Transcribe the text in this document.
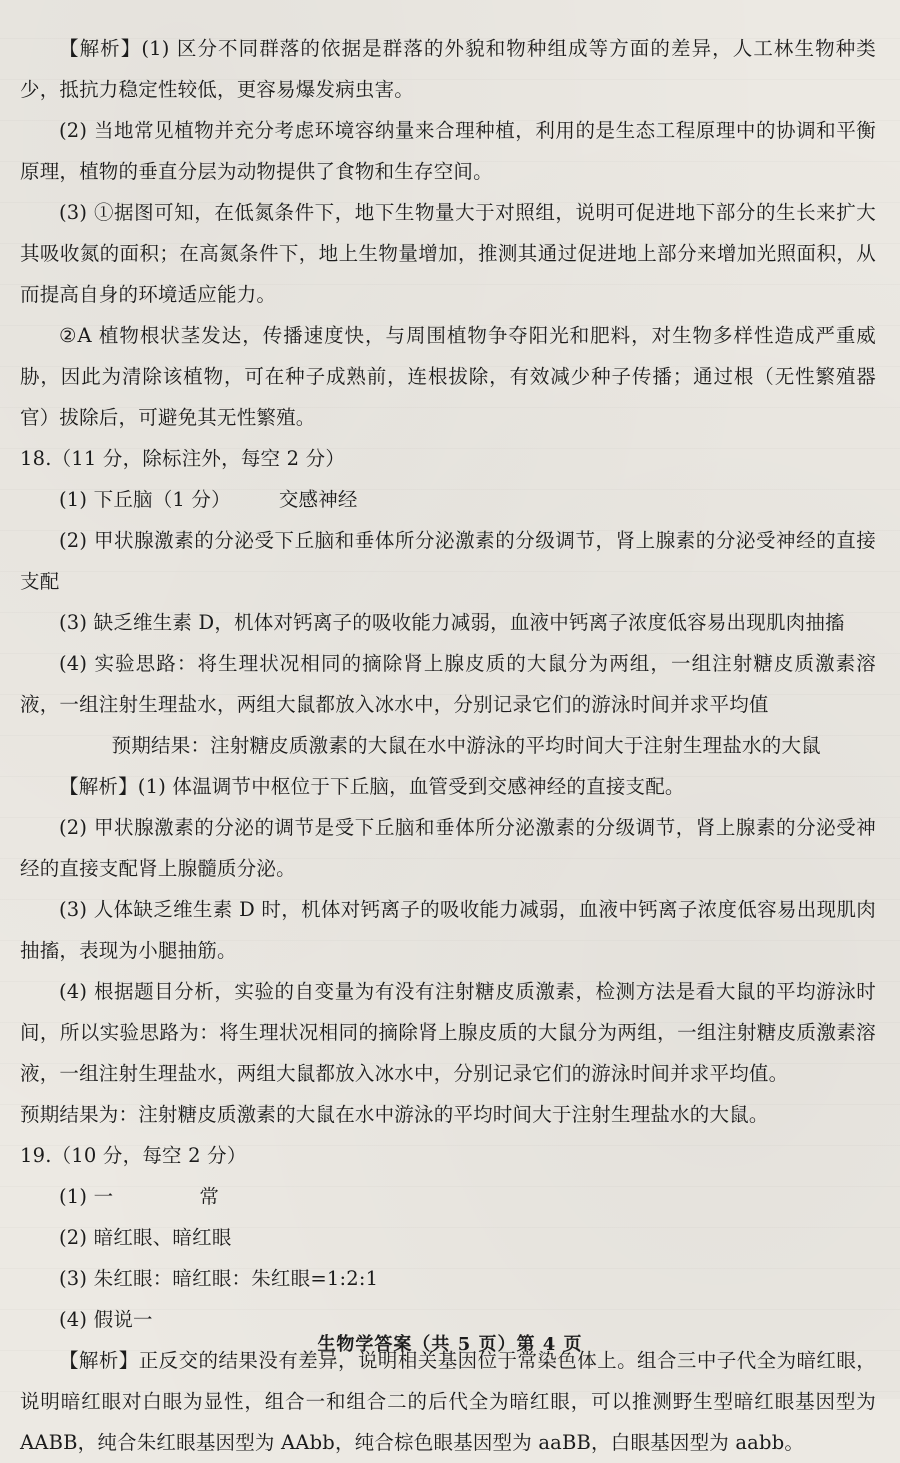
【解析】(1) 区分不同群落的依据是群落的外貌和物种组成等方面的差异，人工林生物种类少，抵抗力稳定性较低，更容易爆发病虫害。

(2) 当地常见植物并充分考虑环境容纳量来合理种植，利用的是生态工程原理中的协调和平衡原理，植物的垂直分层为动物提供了食物和生存空间。

(3) ①据图可知，在低氮条件下，地下生物量大于对照组，说明可促进地下部分的生长来扩大其吸收氮的面积；在高氮条件下，地上生物量增加，推测其通过促进地上部分来增加光照面积，从而提高自身的环境适应能力。

②A 植物根状茎发达，传播速度快，与周围植物争夺阳光和肥料，对生物多样性造成严重威胁，因此为清除该植物，可在种子成熟前，连根拔除，有效减少种子传播；通过根（无性繁殖器官）拔除后，可避免其无性繁殖。

18.（11 分，除标注外，每空 2 分）

(1) 下丘脑（1 分） 交感神经

(2) 甲状腺激素的分泌受下丘脑和垂体所分泌激素的分级调节，肾上腺素的分泌受神经的直接支配

(3) 缺乏维生素 D，机体对钙离子的吸收能力减弱，血液中钙离子浓度低容易出现肌肉抽搐

(4) 实验思路：将生理状况相同的摘除肾上腺皮质的大鼠分为两组，一组注射糖皮质激素溶液，一组注射生理盐水，两组大鼠都放入冰水中，分别记录它们的游泳时间并求平均值

预期结果：注射糖皮质激素的大鼠在水中游泳的平均时间大于注射生理盐水的大鼠

【解析】(1) 体温调节中枢位于下丘脑，血管受到交感神经的直接支配。

(2) 甲状腺激素的分泌的调节是受下丘脑和垂体所分泌激素的分级调节，肾上腺素的分泌受神经的直接支配肾上腺髓质分泌。

(3) 人体缺乏维生素 D 时，机体对钙离子的吸收能力减弱，血液中钙离子浓度低容易出现肌肉抽搐，表现为小腿抽筋。

(4) 根据题目分析，实验的自变量为有没有注射糖皮质激素，检测方法是看大鼠的平均游泳时间，所以实验思路为：将生理状况相同的摘除肾上腺皮质的大鼠分为两组，一组注射糖皮质激素溶液，一组注射生理盐水，两组大鼠都放入冰水中，分别记录它们的游泳时间并求平均值。

预期结果为：注射糖皮质激素的大鼠在水中游泳的平均时间大于注射生理盐水的大鼠。

19.（10 分，每空 2 分）

(1) 一	常

(2) 暗红眼、暗红眼

(3) 朱红眼：暗红眼：朱红眼=1:2:1

(4) 假说一

【解析】正反交的结果没有差异，说明相关基因位于常染色体上。组合三中子代全为暗红眼，说明暗红眼对白眼为显性，组合一和组合二的后代全为暗红眼，可以推测野生型暗红眼基因型为 AABB，纯合朱红眼基因型为 AAbb，纯合棕色眼基因型为 aaBB，白眼基因型为 aabb。

生物学答案（共 5 页）第 4 页
